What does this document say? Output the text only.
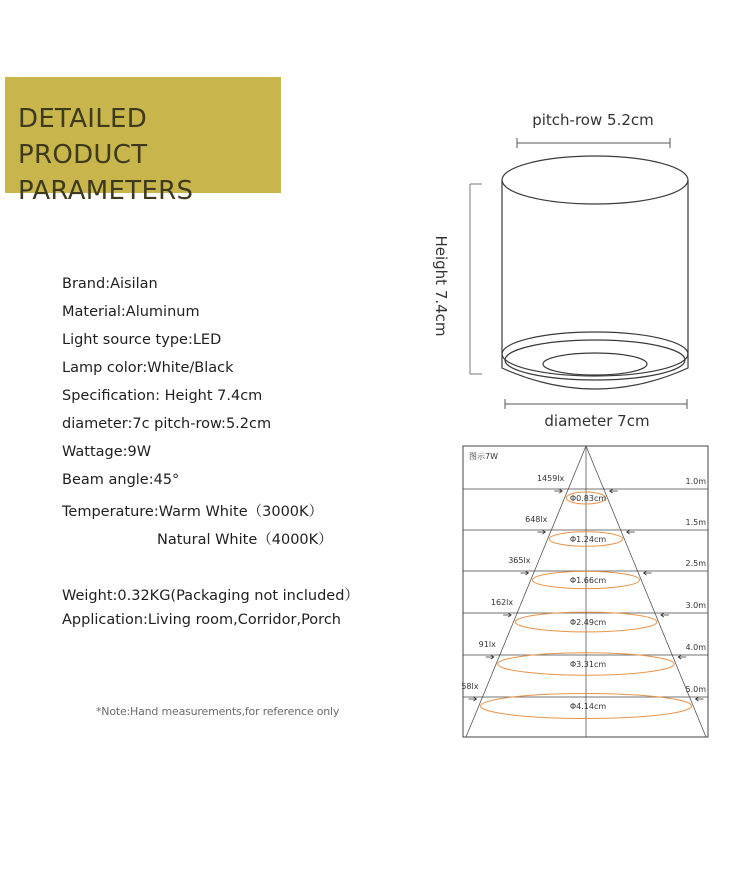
DETAILED PRODUCT
PARAMETERS
Brand:Aisilan
Material:Aluminum
Light source type:LED
Lamp color:White/Black
Specification: Height 7.4cm
diameter:7c pitch-row:5.2cm
Wattage:9W
Beam angle:45°
Temperature:Warm White（3000K）
Natural White（4000K）
Weight:0.32KG(Packaging not included）
Application:Living room,Corridor,Porch
*Note:Hand measurements,for reference only
pitch-row 5.2cm
Height 7.4cm
diameter 7cm
图示7W
1459lx
Φ0.83cm
1.0m
648lx
Φ1.24cm
1.5m
365lx
Φ1.66cm
2.5m
162lx
Φ2.49cm
3.0m
91lx
Φ3.31cm
4.0m
58lx
Φ4.14cm
5.0m
